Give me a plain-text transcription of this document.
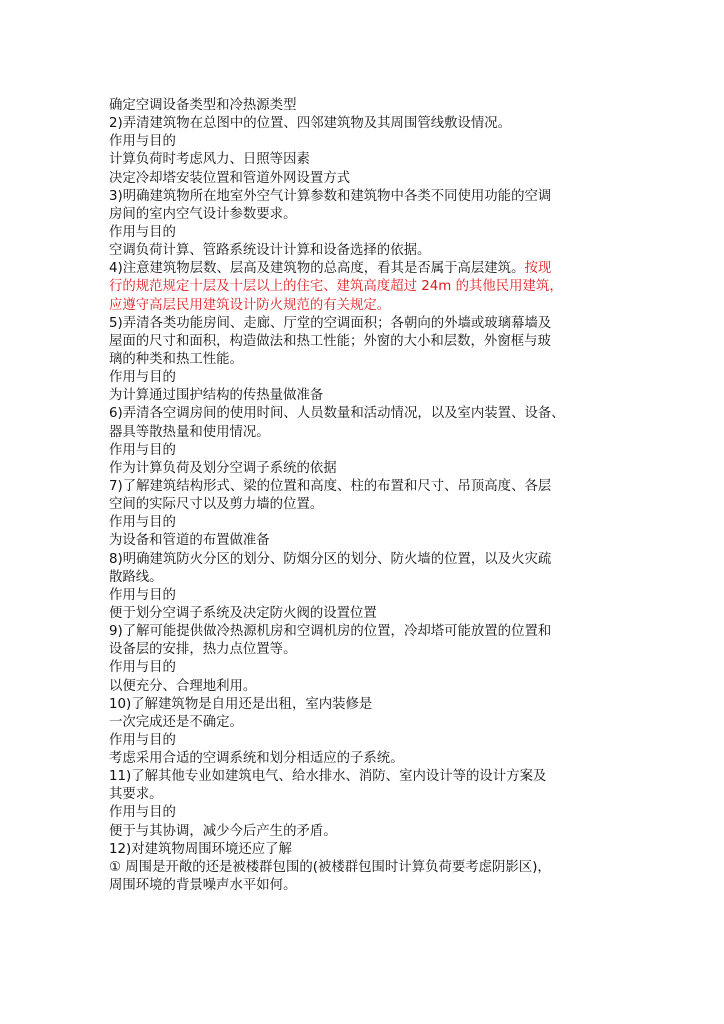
确定空调设备类型和冷热源类型
2)弄清建筑物在总图中的位置、四邻建筑物及其周围管线敷设情况。
作用与目的
计算负荷时考虑风力、日照等因素
决定冷却塔安装位置和管道外网设置方式
3)明确建筑物所在地室外空气计算参数和建筑物中各类不同使用功能的空调
房间的室内空气设计参数要求。
作用与目的
空调负荷计算、管路系统设计计算和设备选择的依据。
4)注意建筑物层数、层高及建筑物的总高度，看其是否属于高层建筑。按现
行的规范规定十层及十层以上的住宅、建筑高度超过 24m 的其他民用建筑，
应遵守高层民用建筑设计防火规范的有关规定。
5)弄清各类功能房间、走廊、厅堂的空调面积；各朝向的外墙或玻璃幕墙及
屋面的尺寸和面积，构造做法和热工性能；外窗的大小和层数，外窗框与玻
璃的种类和热工性能。
作用与目的
为计算通过围护结构的传热量做准备
6)弄清各空调房间的使用时间、人员数量和活动情况，以及室内装置、设备、
器具等散热量和使用情况。
作用与目的
作为计算负荷及划分空调子系统的依据
7)了解建筑结构形式、梁的位置和高度、柱的布置和尺寸、吊顶高度、各层
空间的实际尺寸以及剪力墙的位置。
作用与目的
为设备和管道的布置做准备
8)明确建筑防火分区的划分、防烟分区的划分、防火墙的位置，以及火灾疏
散路线。
作用与目的
便于划分空调子系统及决定防火阀的设置位置
9)了解可能提供做冷热源机房和空调机房的位置，冷却塔可能放置的位置和
设备层的安排，热力点位置等。
作用与目的
以便充分、合理地利用。
10)了解建筑物是自用还是出租，室内装修是
一次完成还是不确定。
作用与目的
考虑采用合适的空调系统和划分相适应的子系统。
11)了解其他专业如建筑电气、给水排水、消防、室内设计等的设计方案及
其要求。
作用与目的
便于与其协调，减少今后产生的矛盾。
12)对建筑物周围环境还应了解
① 周围是开敞的还是被楼群包围的(被楼群包围时计算负荷要考虑阴影区)，
周围环境的背景噪声水平如何。
